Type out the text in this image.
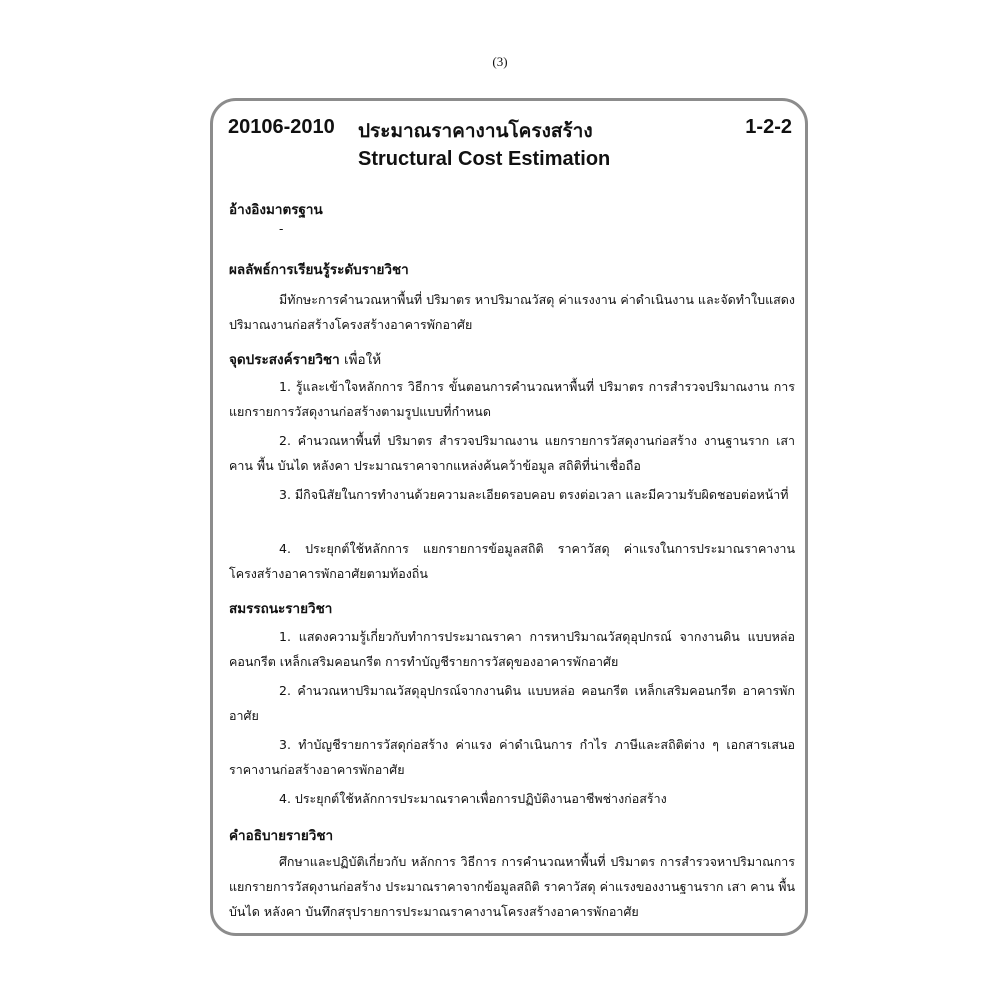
(3)
20106-2010 ประมาณราคางานโครงสร้าง	1-2-2
Structural Cost Estimation
อ้างอิงมาตรฐาน
-
ผลลัพธ์การเรียนรู้ระดับรายวิชา

มีทักษะการคำนวณหาพื้นที่ ปริมาตร หาปริมาณวัสดุ ค่าแรงงาน ค่าดำเนินงาน และจัดทำใบแสดงปริมาณงานก่อสร้างโครงสร้างอาคารพักอาศัย

จุดประสงค์รายวิชา เพื่อให้

1. รู้และเข้าใจหลักการ วิธีการ ขั้นตอนการคำนวณหาพื้นที่ ปริมาตร การสำรวจปริมาณงาน การแยกรายการวัสดุงานก่อสร้างตามรูปแบบที่กำหนด

2. คำนวณหาพื้นที่ ปริมาตร สำรวจปริมาณงาน แยกรายการวัสดุงานก่อสร้าง งานฐานราก เสา คาน พื้น บันได หลังคา ประมาณราคาจากแหล่งค้นคว้าข้อมูล สถิติที่น่าเชื่อถือ

3. มีกิจนิสัยในการทำงานด้วยความละเอียดรอบคอบ ตรงต่อเวลา และมีความรับผิดชอบต่อหน้าที่

4. ประยุกต์ใช้หลักการ แยกรายการข้อมูลสถิติ ราคาวัสดุ ค่าแรงในการประมาณราคางานโครงสร้างอาคารพักอาศัยตามท้องถิ่น

สมรรถนะรายวิชา

1. แสดงความรู้เกี่ยวกับทำการประมาณราคา การหาปริมาณวัสดุอุปกรณ์ จากงานดิน แบบหล่อคอนกรีต เหล็กเสริมคอนกรีต การทำบัญชีรายการวัสดุของอาคารพักอาศัย

2. คำนวณหาปริมาณวัสดุอุปกรณ์จากงานดิน แบบหล่อ คอนกรีต เหล็กเสริมคอนกรีต อาคารพักอาศัย

3. ทำบัญชีรายการวัสดุก่อสร้าง ค่าแรง ค่าดำเนินการ กำไร ภาษีและสถิติต่าง ๆ เอกสารเสนอราคางานก่อสร้างอาคารพักอาศัย

4. ประยุกต์ใช้หลักการประมาณราคาเพื่อการปฏิบัติงานอาชีพช่างก่อสร้าง

คำอธิบายรายวิชา

ศึกษาและปฏิบัติเกี่ยวกับ หลักการ วิธีการ การคำนวณหาพื้นที่ ปริมาตร การสำรวจหาปริมาณการแยกรายการวัสดุงานก่อสร้าง ประมาณราคาจากข้อมูลสถิติ ราคาวัสดุ ค่าแรงของงานฐานราก เสา คาน พื้น บันได หลังคา บันทึกสรุปรายการประมาณราคางานโครงสร้างอาคารพักอาศัย
